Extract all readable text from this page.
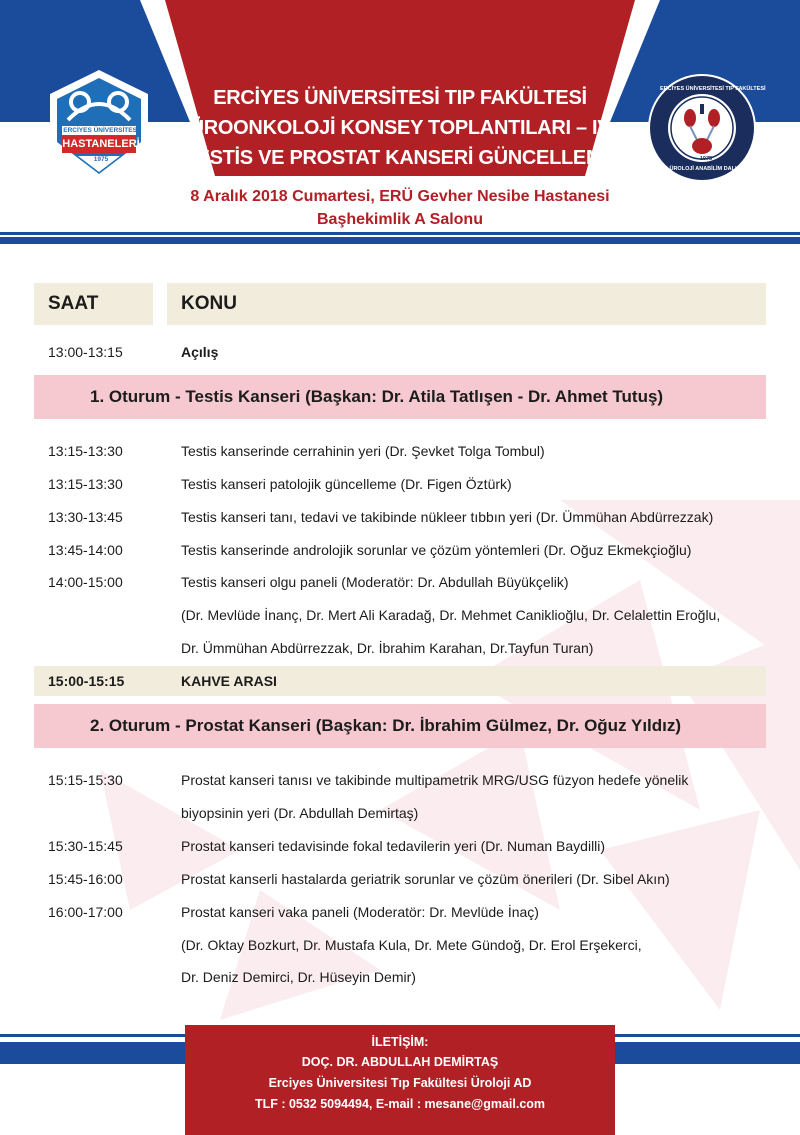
ERCİYES ÜNİVERSİTESİ
HASTANELERİ
1975
ERCİYES ÜNİVERSİTESİ TIP FAKÜLTESİ
1975
ÜROLOJİ ANABİLİM DALI
ERCİYES ÜNİVERSİTESİ TIP FAKÜLTESİ
ÜROONKOLOJİ KONSEY TOPLANTILARI – IV
TESTİS VE PROSTAT KANSERİ GÜNCELLEME
8 Aralık 2018 Cumartesi, ERÜ Gevher Nesibe Hastanesi
Başhekimlik A Salonu
SAAT	KONU
13:00-13:15	Açılış
1. Oturum - Testis Kanseri (Başkan: Dr. Atila Tatlışen - Dr. Ahmet Tutuş)
13:15-13:30	Testis kanserinde cerrahinin yeri (Dr. Şevket Tolga Tombul)
13:15-13:30	Testis kanseri patolojik güncelleme (Dr. Figen Öztürk)
13:30-13:45	Testis kanseri tanı, tedavi ve takibinde nükleer tıbbın yeri (Dr. Ümmühan Abdürrezzak)
13:45-14:00	Testis kanserinde androlojik sorunlar ve çözüm yöntemleri (Dr. Oğuz Ekmekçioğlu)
14:00-15:00	Testis kanseri olgu paneli (Moderatör: Dr. Abdullah Büyükçelik)
(Dr. Mevlüde İnanç, Dr. Mert Ali Karadağ, Dr. Mehmet Caniklioğlu, Dr. Celalettin Eroğlu,
Dr. Ümmühan Abdürrezzak, Dr. İbrahim Karahan, Dr.Tayfun Turan)
15:00-15:15	KAHVE ARASI
2. Oturum - Prostat Kanseri (Başkan: Dr. İbrahim Gülmez, Dr. Oğuz Yıldız)
15:15-15:30	Prostat kanseri tanısı ve takibinde multipametrik MRG/USG füzyon hedefe yönelik
biyopsinin yeri (Dr. Abdullah Demirtaş)
15:30-15:45	Prostat kanseri tedavisinde fokal tedavilerin yeri (Dr. Numan Baydilli)
15:45-16:00	Prostat kanserli hastalarda geriatrik sorunlar ve çözüm önerileri (Dr. Sibel Akın)
16:00-17:00	Prostat kanseri vaka paneli (Moderatör: Dr. Mevlüde İnaç)
(Dr. Oktay Bozkurt, Dr. Mustafa Kula, Dr. Mete Gündoğ, Dr. Erol Erşekerci,
Dr. Deniz Demirci, Dr. Hüseyin Demir)
İLETİŞİM:
DOÇ. DR. ABDULLAH DEMİRTAŞ
Erciyes Üniversitesi Tıp Fakültesi Üroloji AD
TLF : 0532 5094494, E-mail : mesane@gmail.com
